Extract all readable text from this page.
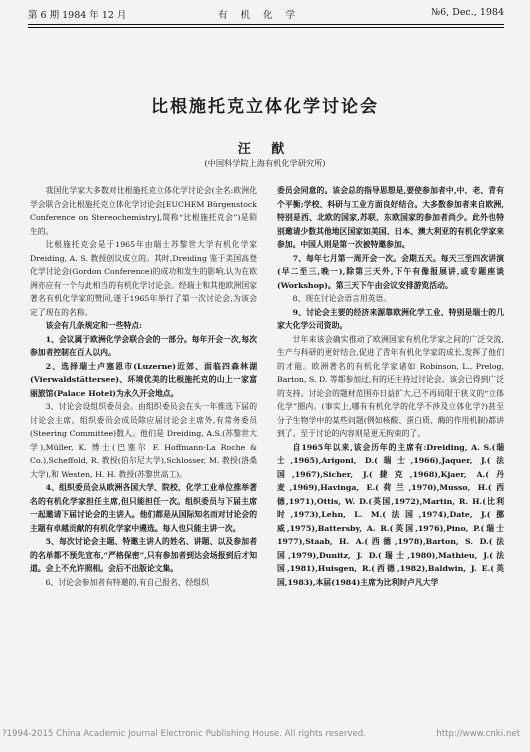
第 6 期 1984 年 12 月	有机化学	№6, Dec., 1984
比根施托克立体化学讨论会
汪 猷
(中国科学院上海有机化学研究所)

我国化学家大多数对比根施托克立体化学讨论会(全名:欧洲化学会联合会比根施托克立体化学讨论会[EUCHEM Bürgenstock Conference on Stereochemistry],简称“比根施托克会”)是陌生的。

比根施托克会是于1965年由瑞士苏黎世大学有机化学家 Dreiding, A. S. 教授创议成立的。其时,Dreiding 鉴于美国高登化学讨论会(Gordon Conference)的成功和发生的影响,认为在欧洲亦应有一个与此相当的有机化学讨论会。经瑞士和其他欧洲国家著名有机化学家的赞同,遂于1965年举行了第一次讨论会,为该会定了现在的名称。

该会有几条规定和一些特点:

1、会议属于欧洲化学会联合会的一部分。每年开会一次,每次参加者控制在百人以内。

2、选择瑞士卢塞恩市(Luzerne)近郊、面临四森林湖(Vierwaldstättersee)、环境优美的比根施托克的山上一家富丽旅馆(Palace Hotel)为永久开会地点。

3、讨论会设组织委员会。由组织委员会在头一年推选下届的讨论会主席。组织委员会成员除应届讨论会主席外,有常务委员(Steering Committee)数人。他们是 Dreiding, A.S.(苏黎世大学),Müller, K. 博士(巴塞尔 F. Hoffmann-La Roche & Co.),Scheffold, R. 教授(伯尔尼大学),Schlosser, M. 教授(洛桑大学),和 Westen, H. H. 教授(苏黎世高工)。

4、组织委员会从欧洲各国大学、院校、化学工业单位推举著名的有机化学家担任主席,但只能担任一次。组织委员与下届主席一起邀请下届讨论会的主讲人。他们都是从国际知名而对讨论会的主题有卓越贡献的有机化学家中遴选。每人也只能主讲一次。

5、每次讨论会主题、特邀主讲人的姓名、讲题、以及参加者的名单都不预先宣布,“严格保密”,只有参加者到达会场报到后才知道。会上不允许照相。会后不出版论文集。

6、讨论会参加者有特邀的,有自己报名、经组织

委员会同意的。该会总的指导思想是,要使参加者中,中、老、青有个平衡;学校、科研与工业方面良好结合。大多数参加者来自欧洲,特别是西、北欧的国家,苏联、东欧国家的参加者尚少。此外也特别邀请少数其他地区国家如美国、日本、澳大利亚的有机化学家来参加。中国人则是第一次被特邀参加。

7、每年七月第一周开会一次。会期五天。每天三至四次讲演(早二至三,晚一),除第三天外,下午有像报展讲,或专题座谈(Workshop)。第三天下午由会议安排游览活动。

8、现在讨论会语言用英语。

9、讨论会主要的经济来源靠欧洲化学工业、特别是瑞士的几家大化学公司资助。

廿年来该会确实推动了欧洲国家有机化学家之间的广泛交流,生产与科研的更好结合,促进了青年有机化学家的成长,发挥了他们的才能。欧洲著名的有机化学家诸如 Robinson, L., Prelog, Barton, S. D. 等都参加过,有的还主持过讨论会。该会已得到广泛的支持。讨论会的题材范围亦日益扩大,已不再局限于狭义的“立体化学”圈内。(事实上,哪有有机化学的化学不涉及立体化学?)甚至分子生物学中的某些问题(例如核酸、蛋白质、酶的作用机制)都讲到了。至于讨论的内容则是更无拘束的了。

自1965年以来,该会历年的主席有:Dreiding, A. S.(瑞士,1965),Arigoni, D.(瑞士,1966),Jaquer, J.(法国,1967),Sicher, J.(捷克,1968),Kjaer, A.(丹麦,1969),Havinga, E.(荷兰,1970),Musso, H.(西德,1971),Ottis, W. D.(英国,1972),Martin, R. H.(比利时,1973),Lehn, L. M.(法国,1974),Date, J.(挪威,1975),Battersby, A. R.(英国,1976),Pino, P.(瑞士1977),Staab, H. A.(西德,1978),Barton, S. D.(法国,1979),Dunitz, J. D.(瑞士,1980),Mathieu, J.(法国,1981),Huisgen, R.(西德,1982),Baldwin, J. E.(英国,1983),本届(1984)主席为比利时卢凡大学

?1994-2015 China Academic Journal Electronic Publishing House. All rights reserved.	http://www.cnki.net
